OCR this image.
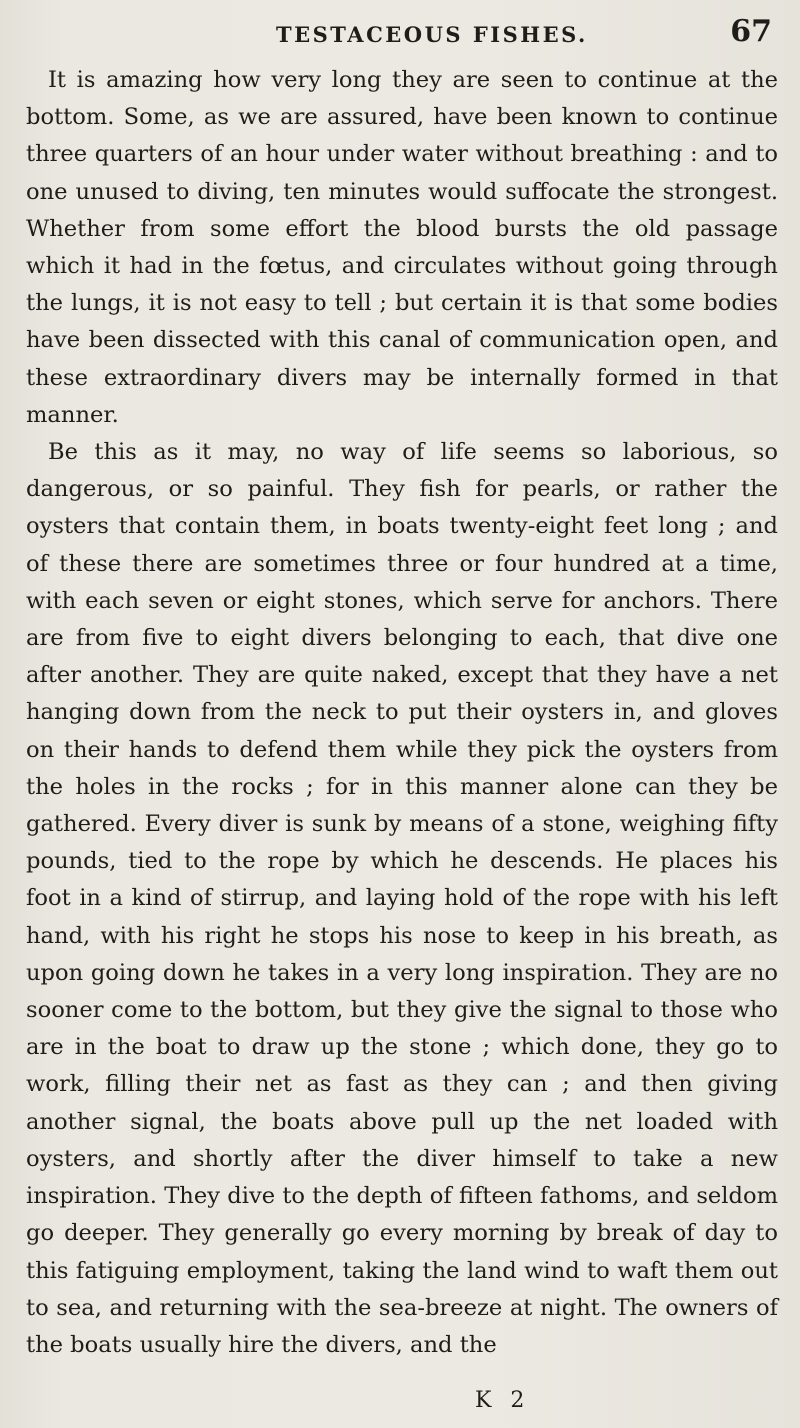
TESTACEOUS FISHES.	67

It is amazing how very long they are seen to continue at the bottom. Some, as we are assured, have been known to continue three quarters of an hour under water without breathing : and to one unused to diving, ten minutes would suffocate the strongest. Whether from some effort the blood bursts the old passage which it had in the fœtus, and circulates without going through the lungs, it is not easy to tell ; but certain it is that some bodies have been dissected with this canal of communication open, and these extraordinary divers may be internally formed in that manner.

Be this as it may, no way of life seems so laborious, so dangerous, or so painful. They fish for pearls, or rather the oysters that contain them, in boats twenty-eight feet long ; and of these there are sometimes three or four hundred at a time, with each seven or eight stones, which serve for anchors. There are from five to eight divers belonging to each, that dive one after another. They are quite naked, except that they have a net hanging down from the neck to put their oysters in, and gloves on their hands to defend them while they pick the oysters from the holes in the rocks ; for in this manner alone can they be gathered. Every diver is sunk by means of a stone, weighing fifty pounds, tied to the rope by which he descends. He places his foot in a kind of stirrup, and laying hold of the rope with his left hand, with his right he stops his nose to keep in his breath, as upon going down he takes in a very long inspiration. They are no sooner come to the bottom, but they give the signal to those who are in the boat to draw up the stone ; which done, they go to work, filling their net as fast as they can ; and then giving another signal, the boats above pull up the net loaded with oysters, and shortly after the diver himself to take a new inspiration. They dive to the depth of fifteen fathoms, and seldom go deeper. They generally go every morning by break of day to this fatiguing employment, taking the land wind to waft them out to sea, and returning with the sea-breeze at night. The owners of the boats usually hire the divers, and the

K 2
